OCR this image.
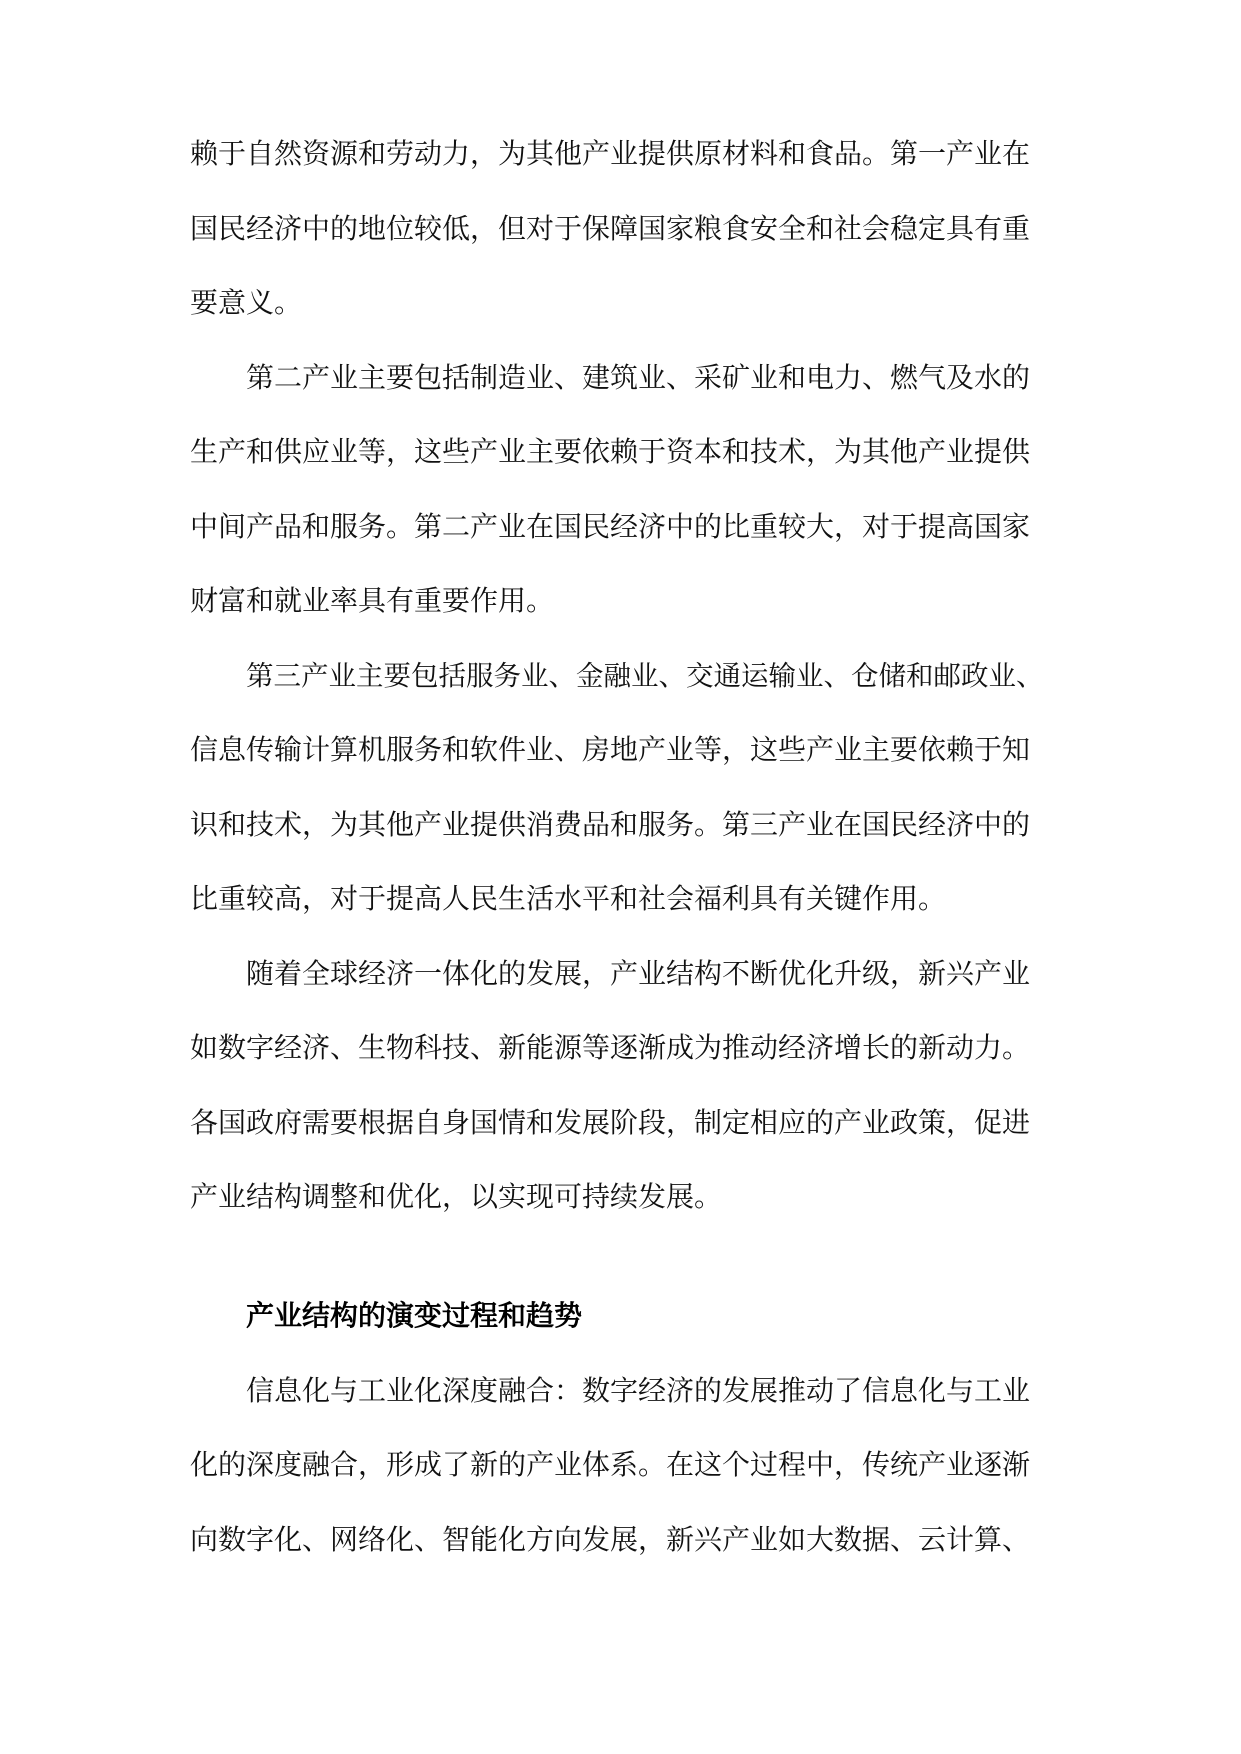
赖于自然资源和劳动力，为其他产业提供原材料和食品。第一产业在
国民经济中的地位较低，但对于保障国家粮食安全和社会稳定具有重
要意义。
第二产业主要包括制造业、建筑业、采矿业和电力、燃气及水的
生产和供应业等，这些产业主要依赖于资本和技术，为其他产业提供
中间产品和服务。第二产业在国民经济中的比重较大，对于提高国家
财富和就业率具有重要作用。
第三产业主要包括服务业、金融业、交通运输业、仓储和邮政业、
信息传输计算机服务和软件业、房地产业等，这些产业主要依赖于知
识和技术，为其他产业提供消费品和服务。第三产业在国民经济中的
比重较高，对于提高人民生活水平和社会福利具有关键作用。
随着全球经济一体化的发展，产业结构不断优化升级，新兴产业
如数字经济、生物科技、新能源等逐渐成为推动经济增长的新动力。
各国政府需要根据自身国情和发展阶段，制定相应的产业政策，促进
产业结构调整和优化，以实现可持续发展。
产业结构的演变过程和趋势
信息化与工业化深度融合：数字经济的发展推动了信息化与工业
化的深度融合，形成了新的产业体系。在这个过程中，传统产业逐渐
向数字化、网络化、智能化方向发展，新兴产业如大数据、云计算、
